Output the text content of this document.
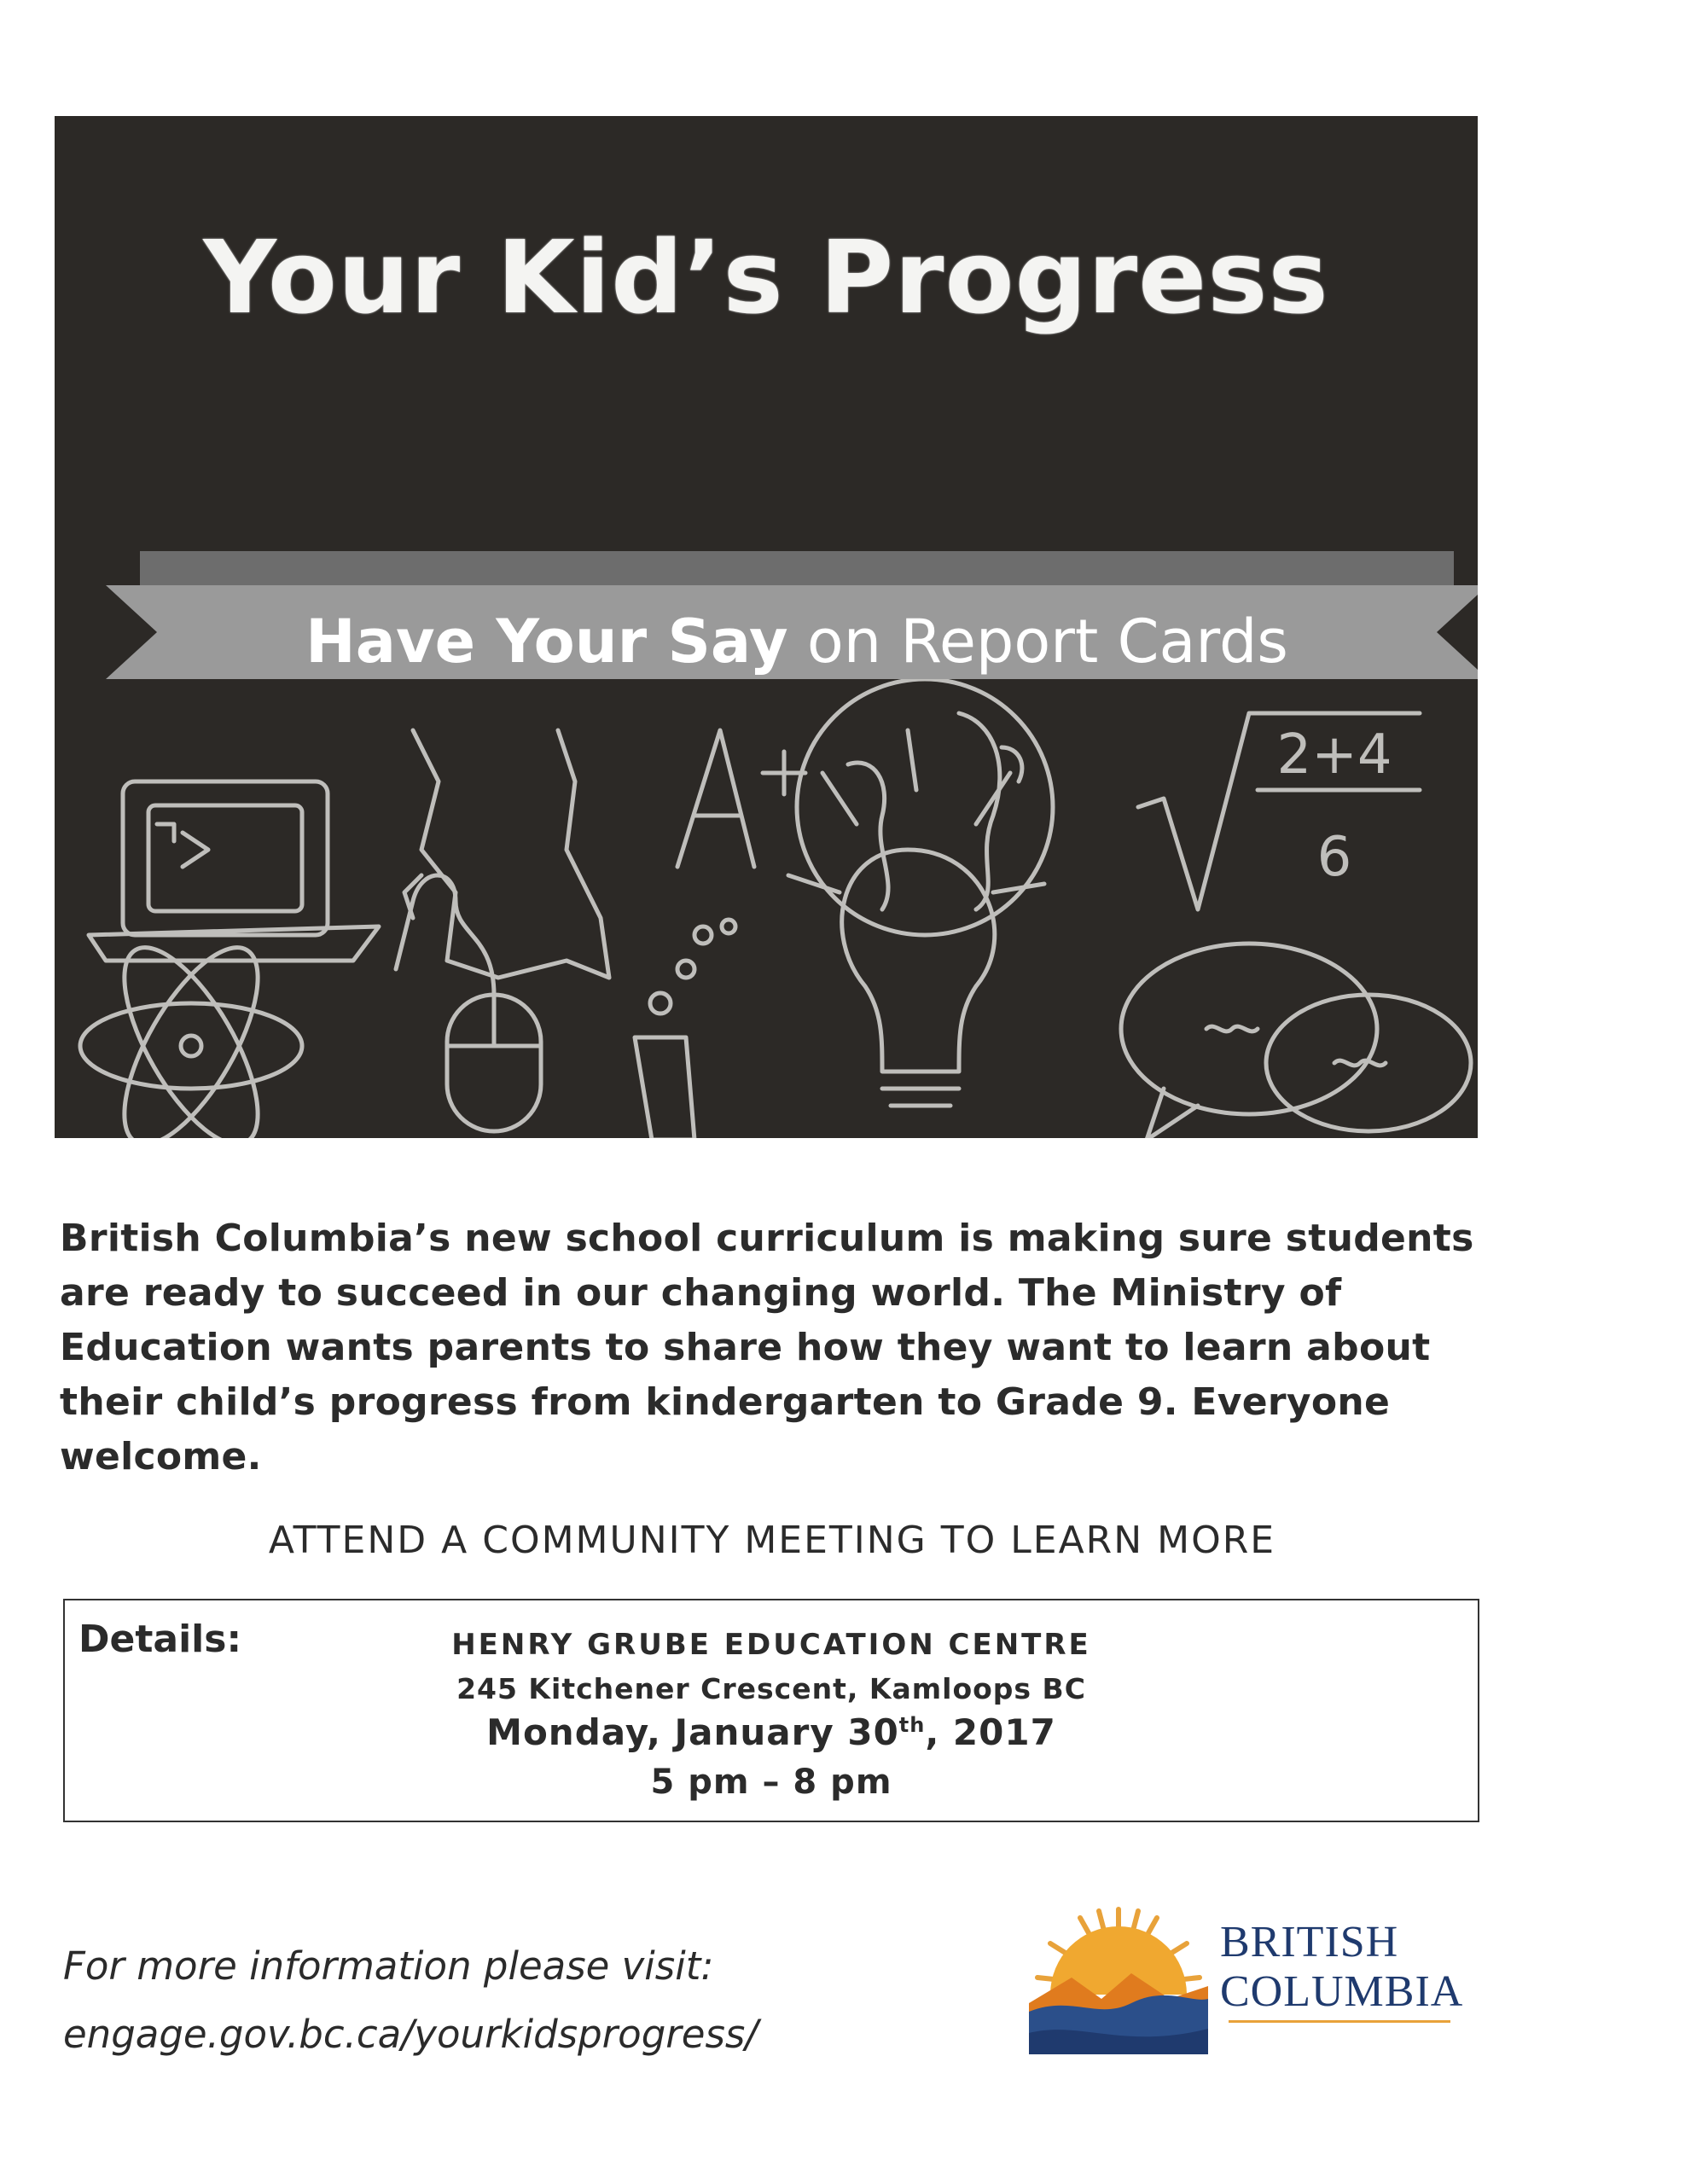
Your Kid’s Progress
Have Your Say on Report Cards
2+4
6
British Columbia’s new school curriculum is making sure students are ready to succeed in our changing world. The Ministry of Education wants parents to share how they want to learn about their child’s progress from kindergarten to Grade 9. Everyone welcome.
ATTEND A COMMUNITY MEETING TO LEARN MORE
Details:	HENRY GRUBE EDUCATION CENTRE
245 Kitchener Crescent, Kamloops BC
Monday, January 30th, 2017
5 pm – 8 pm
For more information please visit:
engage.gov.bc.ca/yourkidsprogress/
BRITISH
COLUMBIA
